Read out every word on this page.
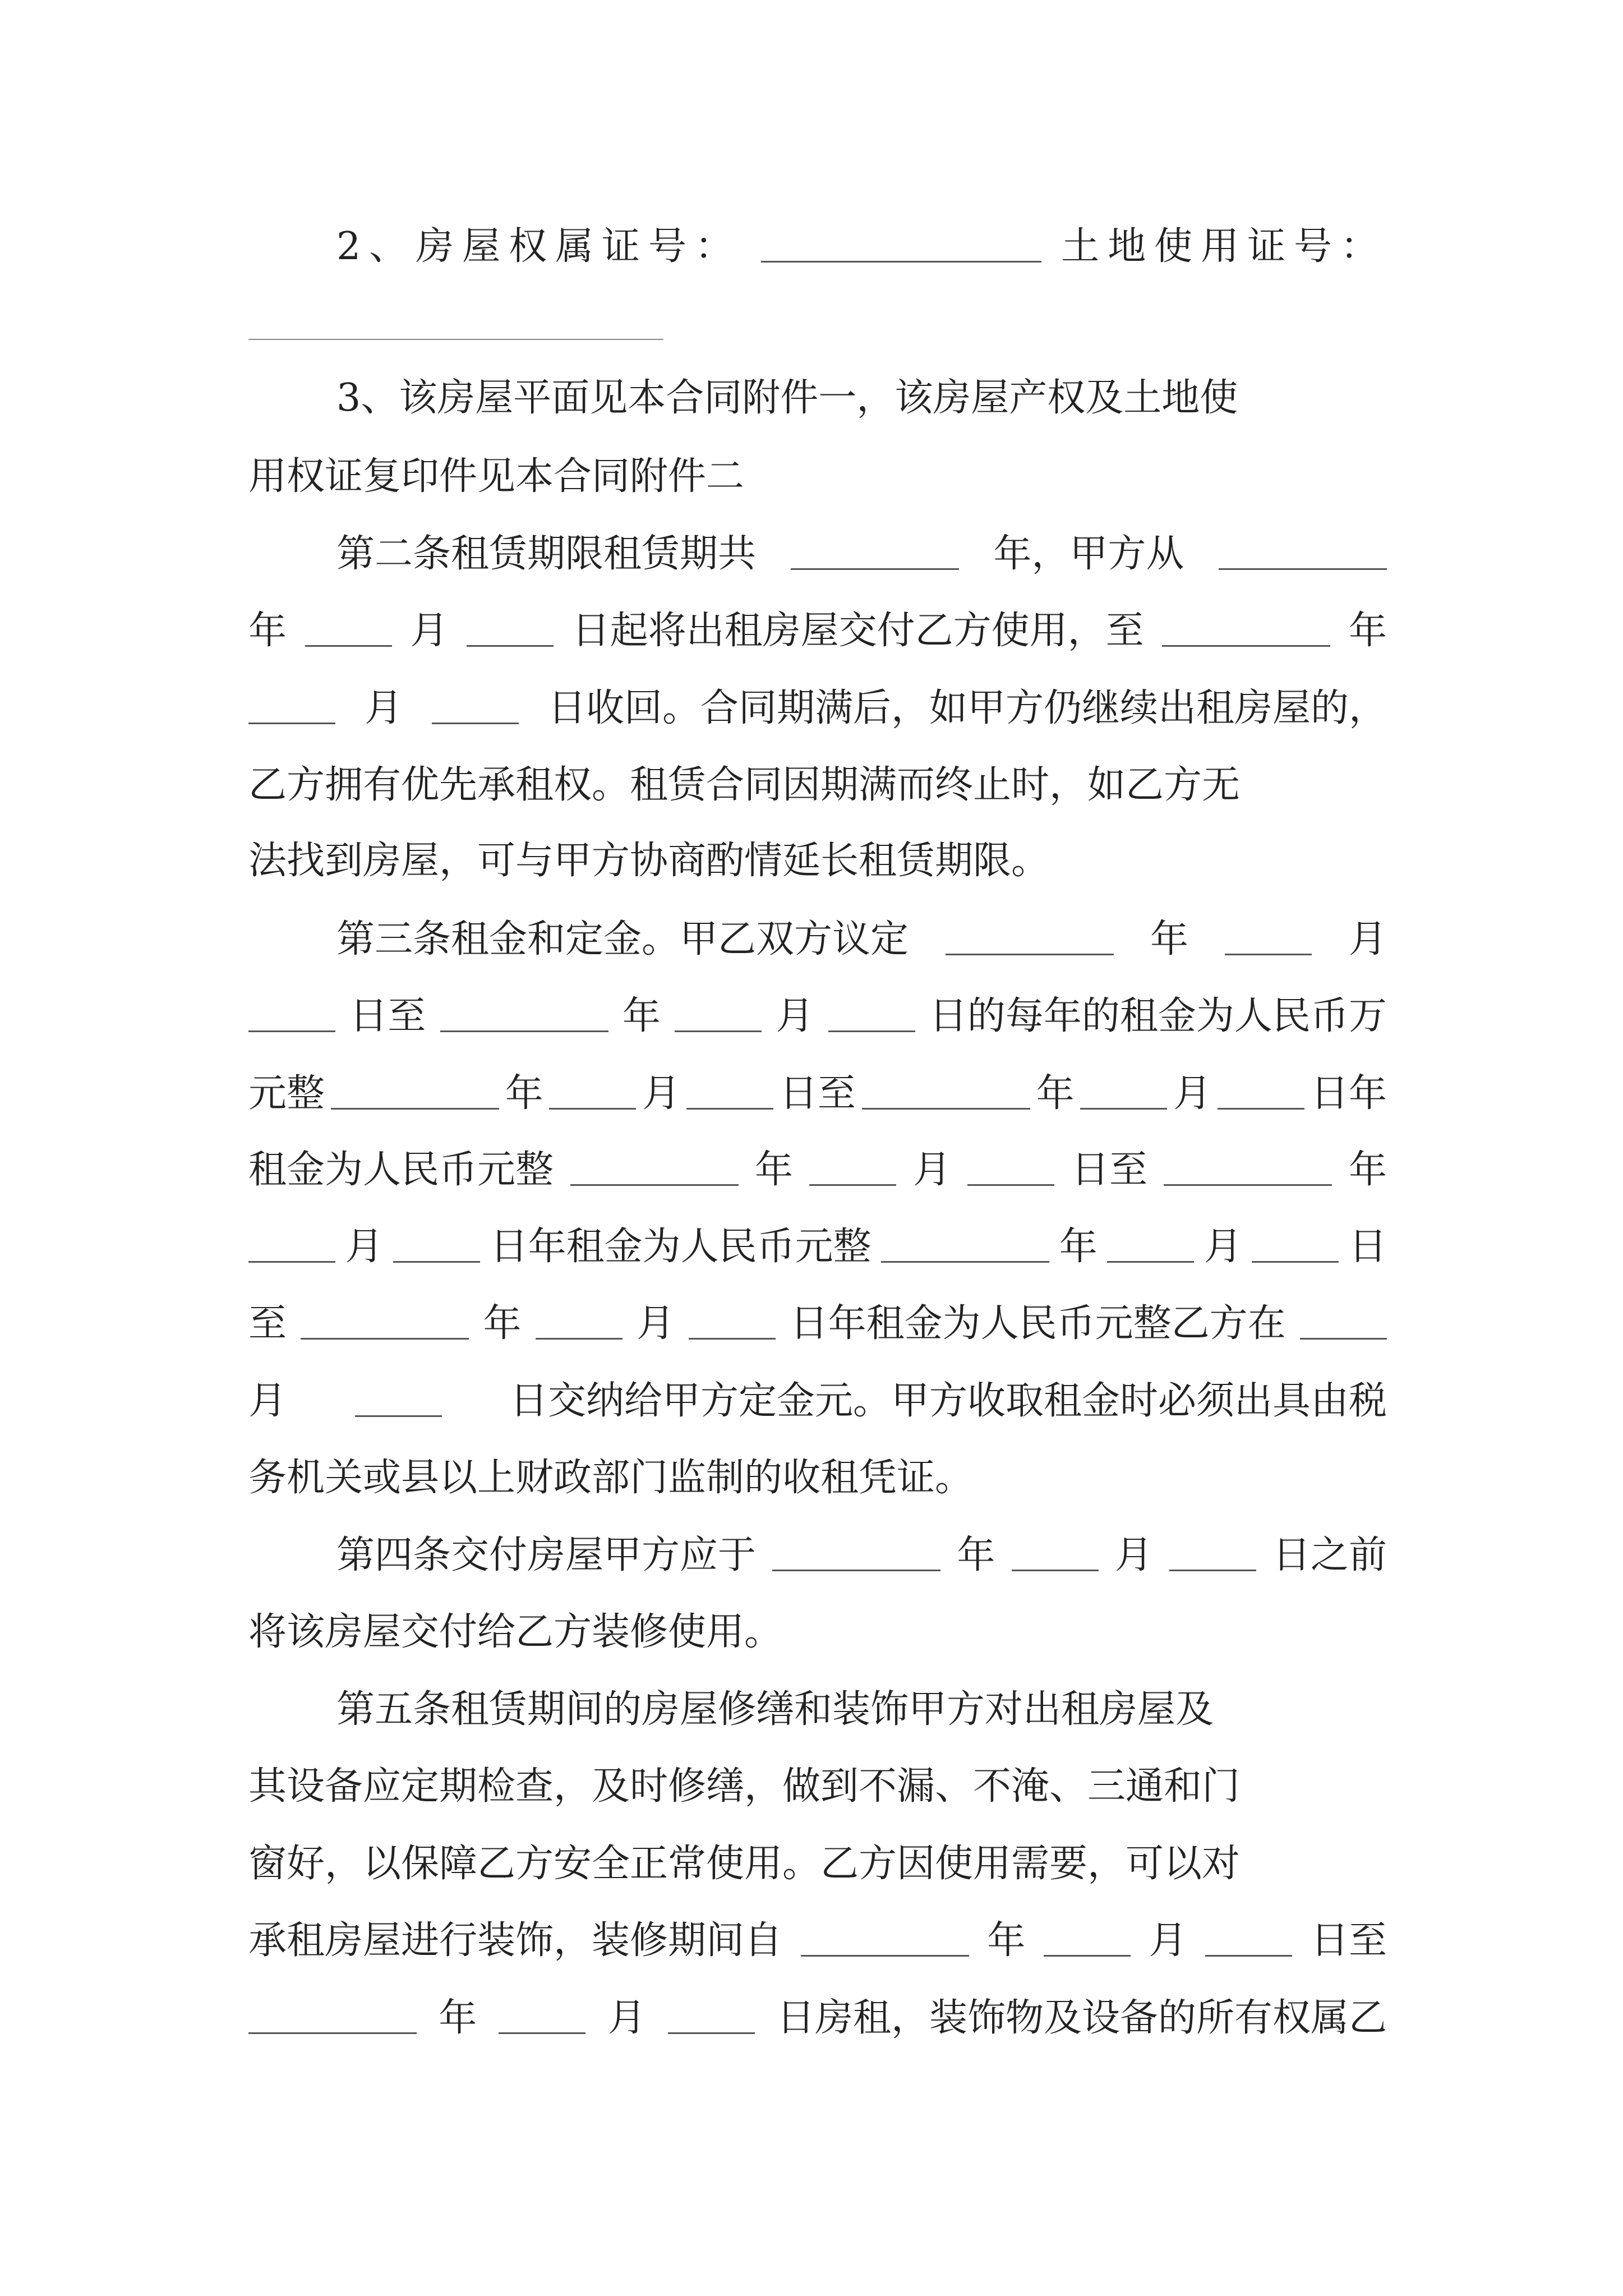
2、房屋权属证号：	土地使用证号：
3、该房屋平面见本合同附件一，该房屋产权及土地使
用权证复印件见本合同附件二
第二条租赁期限租赁期共	年，甲方从
年	月	日起将出租房屋交付乙方使用，至	年
月	日收回。合同期满后，如甲方仍继续出租房屋的，
乙方拥有优先承租权。租赁合同因期满而终止时，如乙方无
法找到房屋，可与甲方协商酌情延长租赁期限。
第三条租金和定金。甲乙双方议定	年	月
日至	年	月	日的每年的租金为人民币万
元整	年	月	日至	年	月	日年
租金为人民币元整	年	月	日至	年
月	日年租金为人民币元整	年	月	日
至	年	月	日年租金为人民币元整乙方在
月	日交纳给甲方定金元。甲方收取租金时必须出具由税
务机关或县以上财政部门监制的收租凭证。
第四条交付房屋甲方应于	年	月	日之前
将该房屋交付给乙方装修使用。
第五条租赁期间的房屋修缮和装饰甲方对出租房屋及
其设备应定期检查，及时修缮，做到不漏、不淹、三通和门
窗好，以保障乙方安全正常使用。乙方因使用需要，可以对
承租房屋进行装饰，装修期间自	年	月	日至
年	月	日房租，装饰物及设备的所有权属乙
